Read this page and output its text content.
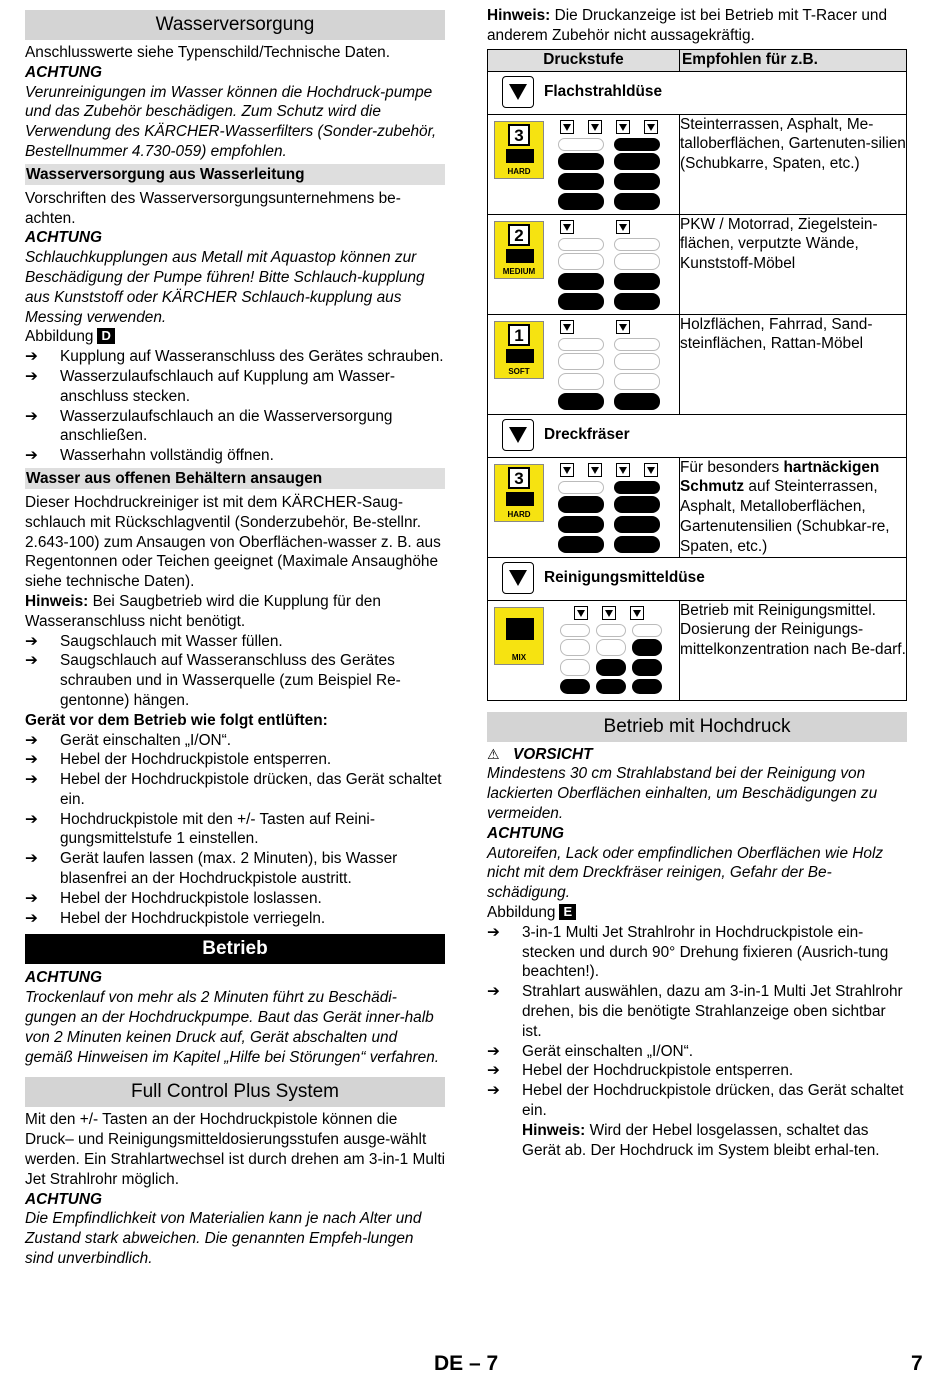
Wasserversorgung

Anschlusswerte siehe Typenschild/Technische Daten.

ACHTUNG

Verunreinigungen im Wasser können die Hochdruck-pumpe und das Zubehör beschädigen. Zum Schutz wird die Verwendung des KÄRCHER-Wasserfilters (Sonder-zubehör, Bestellnummer 4.730-059) empfohlen.

Wasserversorgung aus Wasserleitung

Vorschriften des Wasserversorgungsunternehmens be-achten.

ACHTUNG

Schlauchkupplungen aus Metall mit Aquastop können zur Beschädigung der Pumpe führen! Bitte Schlauch-kupplung aus Kunststoff oder KÄRCHER Schlauch-kupplung aus Messing verwenden.

Abbildung D

➔ Kupplung auf Wasseranschluss des Gerätes schrauben.

➔ Wasserzulaufschlauch auf Kupplung am Wasser-anschluss stecken.

➔ Wasserzulaufschlauch an die Wasserversorgung anschließen.

➔ Wasserhahn vollständig öffnen.

Wasser aus offenen Behältern ansaugen

Dieser Hochdruckreiniger ist mit dem KÄRCHER-Saug-schlauch mit Rückschlagventil (Sonderzubehör, Be-stellnr. 2.643-100) zum Ansaugen von Oberflächen-wasser z. B. aus Regentonnen oder Teichen geeignet (Maximale Ansaughöhe siehe technische Daten).

Hinweis: Bei Saugbetrieb wird die Kupplung für den Wasseranschluss nicht benötigt.

➔ Saugschlauch mit Wasser füllen.

➔ Saugschlauch auf Wasseranschluss des Gerätes schrauben und in Wasserquelle (zum Beispiel Re-gentonne) hängen.

Gerät vor dem Betrieb wie folgt entlüften:

➔ Gerät einschalten „I/ON“.

➔ Hebel der Hochdruckpistole entsperren.

➔ Hebel der Hochdruckpistole drücken, das Gerät schaltet ein.

➔ Hochdruckpistole mit den +/- Tasten auf Reini-gungsmittelstufe 1 einstellen.

➔ Gerät laufen lassen (max. 2 Minuten), bis Wasser blasenfrei an der Hochdruckpistole austritt.

➔ Hebel der Hochdruckpistole loslassen.

➔ Hebel der Hochdruckpistole verriegeln.

Betrieb

ACHTUNG

Trockenlauf von mehr als 2 Minuten führt zu Beschädi-gungen an der Hochdruckpumpe. Baut das Gerät inner-halb von 2 Minuten keinen Druck auf, Gerät abschalten und gemäß Hinweisen im Kapitel „Hilfe bei Störungen“ verfahren.

Full Control Plus System

Mit den +/- Tasten an der Hochdruckpistole können die Druck– und Reinigungsmitteldosierungsstufen ausge-wählt werden. Ein Strahlartwechsel ist durch drehen am 3-in-1 Multi Jet Strahlrohr möglich.

ACHTUNG

Die Empfindlichkeit von Materialien kann je nach Alter und Zustand stark abweichen. Die genannten Empfeh-lungen sind unverbindlich.

Hinweis: Die Druckanzeige ist bei Betrieb mit T-Racer und anderem Zubehör nicht aussagekräftig.

Druckstufe	Empfohlen für z.B.

Flachstrahldüse	

3
HARD	Steinterrassen, Asphalt, Me-talloberflächen, Gartenuten-silien (Schubkarre, Spaten, etc.)

2
MEDIUM	PKW / Motorrad, Ziegelstein-flächen, verputzte Wände, Kunststoff-Möbel

1
SOFT	Holzflächen, Fahrrad, Sand-steinflächen, Rattan-Möbel

Dreckfräser	

3
HARD	Für besonders hartnäckigen Schmutz auf Steinterrassen, Asphalt, Metalloberflächen, Gartenutensilien (Schubkar-re, Spaten, etc.)

Reinigungsmitteldüse	

MIX	Betrieb mit Reinigungsmittel. Dosierung der Reinigungs-mittelkonzentration nach Be-darf.
Betrieb mit Hochdruck

⚠ VORSICHT

Mindestens 30 cm Strahlabstand bei der Reinigung von lackierten Oberflächen einhalten, um Beschädigungen zu vermeiden.

ACHTUNG

Autoreifen, Lack oder empfindlichen Oberflächen wie Holz nicht mit dem Dreckfräser reinigen, Gefahr der Be-schädigung.

Abbildung E

➔ 3-in-1 Multi Jet Strahlrohr in Hochdruckpistole ein-stecken und durch 90° Drehung fixieren (Ausrich-tung beachten!).

➔ Strahlart auswählen, dazu am 3-in-1 Multi Jet Strahlrohr drehen, bis die benötigte Strahlanzeige oben sichtbar ist.

➔ Gerät einschalten „I/ON“.

➔ Hebel der Hochdruckpistole entsperren.

➔ Hebel der Hochdruckpistole drücken, das Gerät schaltet ein.

Hinweis: Wird der Hebel losgelassen, schaltet das Gerät ab. Der Hochdruck im System bleibt erhal-ten.

DE – 7	7
